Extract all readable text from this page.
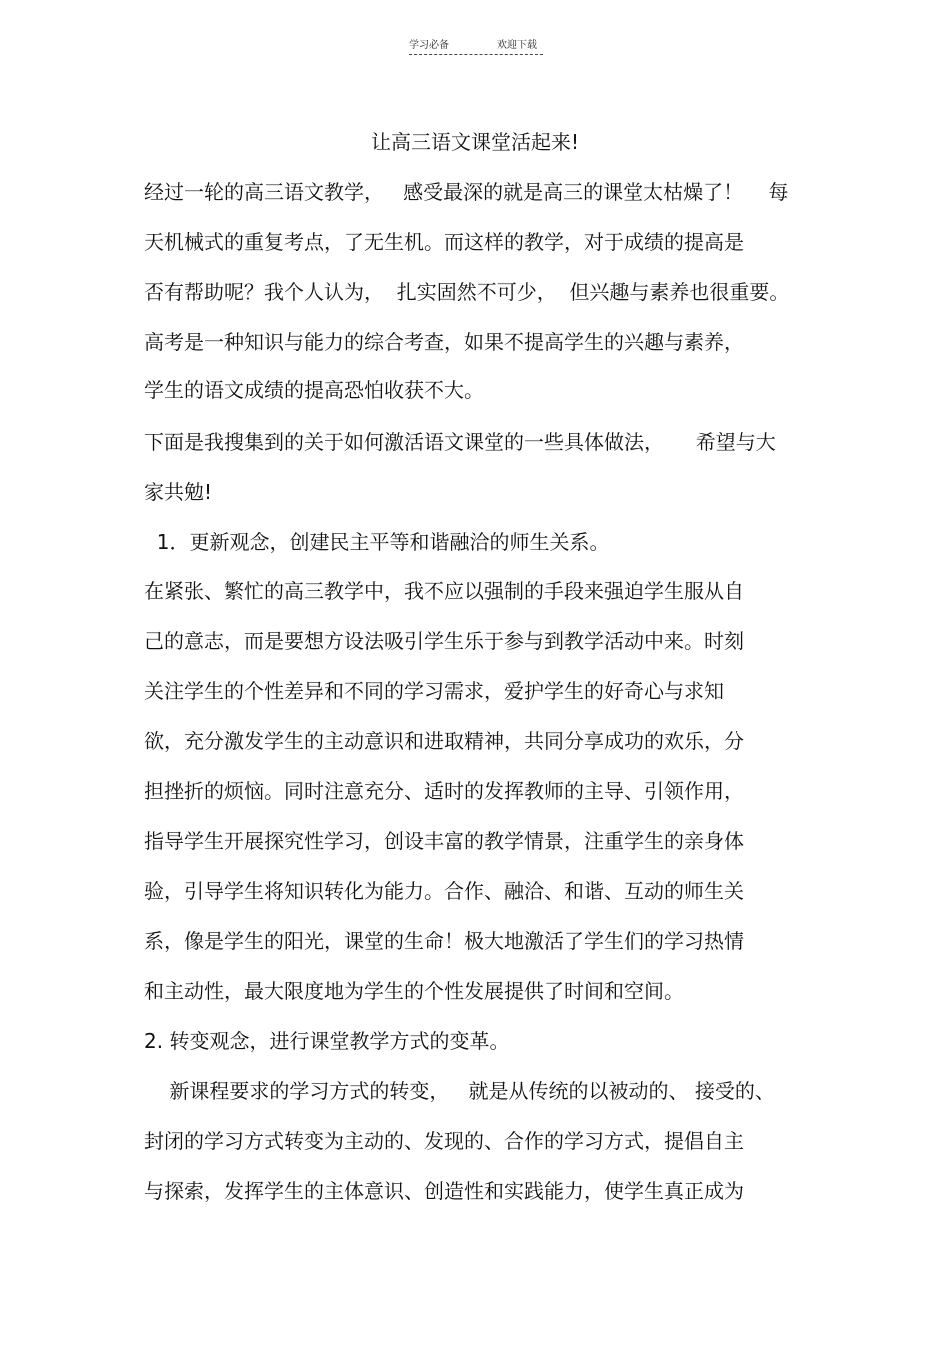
学习必备	欢迎下载
让高三语文课堂活起来!
经过一轮的高三语文教学，   感受最深的就是高三的课堂太枯燥了！    每
天机械式的重复考点，了无生机。而这样的教学，对于成绩的提高是
否有帮助呢？我个人认为，  扎实固然不可少，  但兴趣与素养也很重要。
高考是一种知识与能力的综合考查，如果不提高学生的兴趣与素养，
学生的语文成绩的提高恐怕收获不大。
下面是我搜集到的关于如何激活语文课堂的一些具体做法，     希望与大
家共勉!
1．更新观念，创建民主平等和谐融洽的师生关系。
在紧张、繁忙的高三教学中，我不应以强制的手段来强迫学生服从自
己的意志，而是要想方设法吸引学生乐于参与到教学活动中来。时刻
关注学生的个性差异和不同的学习需求，爱护学生的好奇心与求知
欲，充分激发学生的主动意识和进取精神，共同分享成功的欢乐，分
担挫折的烦恼。同时注意充分、适时的发挥教师的主导、引领作用，
指导学生开展探究性学习，创设丰富的教学情景，注重学生的亲身体
验，引导学生将知识转化为能力。合作、融洽、和谐、互动的师生关
系，像是学生的阳光，课堂的生命！极大地激活了学生们的学习热情
和主动性，最大限度地为学生的个性发展提供了时间和空间。
2. 转变观念，进行课堂教学方式的变革。
新课程要求的学习方式的转变，   就是从传统的以被动的、 接受的、
封闭的学习方式转变为主动的、发现的、合作的学习方式，提倡自主
与探索，发挥学生的主体意识、创造性和实践能力，使学生真正成为
